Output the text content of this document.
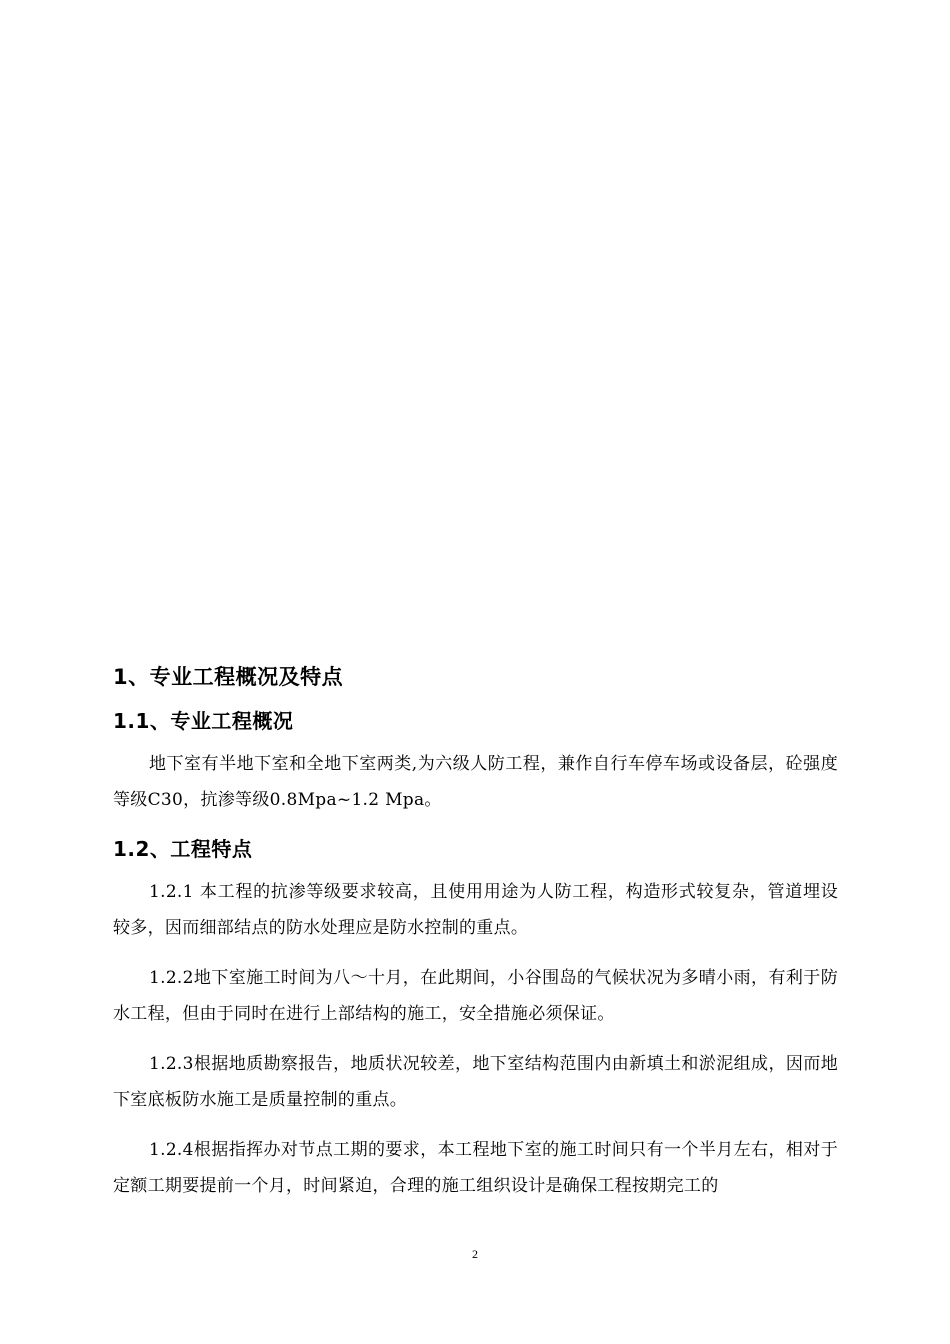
1、专业工程概况及特点
1.1、专业工程概况

地下室有半地下室和全地下室两类,为六级人防工程，兼作自行车停车场或设备层，砼强度等级C30，抗渗等级0.8Mpa~1.2 Mpa。

1.2、工程特点

1.2.1 本工程的抗渗等级要求较高，且使用用途为人防工程，构造形式较复杂，管道埋设较多，因而细部结点的防水处理应是防水控制的重点。

1.2.2地下室施工时间为八～十月，在此期间，小谷围岛的气候状况为多晴小雨，有利于防水工程，但由于同时在进行上部结构的施工，安全措施必须保证。

1.2.3根据地质勘察报告，地质状况较差，地下室结构范围内由新填土和淤泥组成，因而地下室底板防水施工是质量控制的重点。

1.2.4根据指挥办对节点工期的要求，本工程地下室的施工时间只有一个半月左右，相对于定额工期要提前一个月，时间紧迫，合理的施工组织设计是确保工程按期完工的

2
